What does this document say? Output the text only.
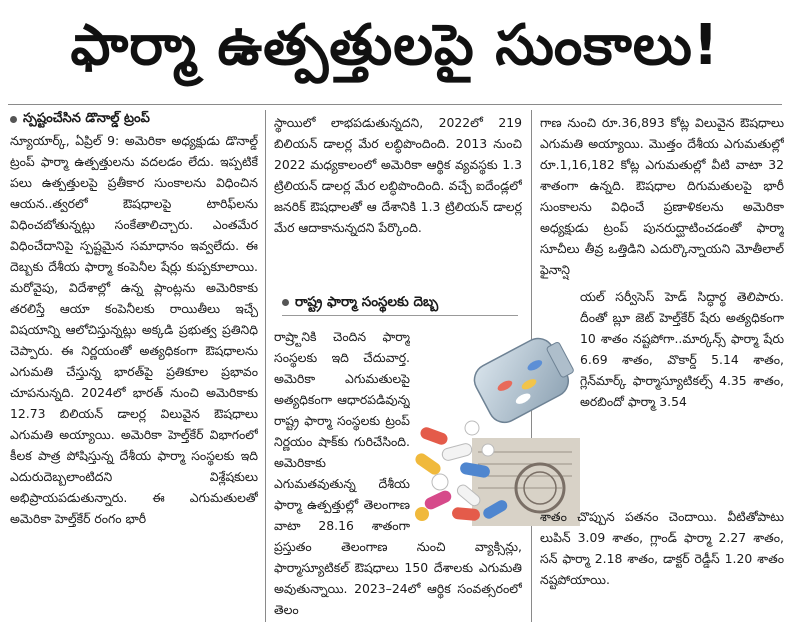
ఫార్మా ఉత్పత్తులపై సుంకాలు!
స్పష్టంచేసిన డొనాల్డ్ ట్రంప్

న్యూయార్క్, ఏప్రిల్ 9: అమెరికా అధ్యక్షుడు డొనాల్డ్ ట్రంప్ ఫార్మా ఉత్పత్తులను వదలడం లేదు. ఇప్పటికే పలు ఉత్పత్తులపై ప్రతీకార సుంకాలను విధించిన ఆయన..త్వరలో ఔషధాలపై టారిఫ్‌లను విధించబోతున్నట్లు సంకేతాలిచ్చారు. ఎంతమేర విధించేదానిపై స్పష్టమైన సమాధానం ఇవ్వలేదు. ఈ దెబ్బకు దేశీయ ఫార్మా కంపెనీల షేర్లు కుప్పకూలాయి. మరోవైపు, విదేశాల్లో ఉన్న ప్లాంట్లను అమెరికాకు తరలిస్తే ఆయా కంపెనీలకు రాయితీలు ఇచ్చే విషయాన్ని ఆలోచిస్తున్నట్లు అక్కడి ప్రభుత్వ ప్రతినిధి చెప్పారు. ఈ నిర్ణయంతో అత్యధికంగా ఔషధాలను ఎగుమతి చేస్తున్న భారత్‌పై ప్రతికూల ప్రభావం చూపనున్నది. 2024లో భారత్ నుంచి అమెరికాకు 12.73 బిలియన్ డాలర్ల విలువైన ఔషధాలు ఎగుమతి అయ్యాయి. అమెరికా హెల్త్‌కేర్ విభాగంలో కీలక పాత్ర పోషిస్తున్న దేశీయ ఫార్మా సంస్థలకు ఇది ఎదురుదెబ్బలాంటిదని విశ్లేషకులు అభిప్రాయపడుతున్నారు. ఈ ఎగుమతులతో అమెరికా హెల్త్‌కేర్ రంగం భారీ

స్థాయిలో లాభపడుతున్నదని, 2022లో 219 బిలియన్ డాలర్ల మేర లబ్ధిపొందింది. 2013 నుంచి 2022 మధ్యకాలంలో అమెరికా ఆర్థిక వ్యవస్థకు 1.3 ట్రిలియన్ డాలర్ల మేర లబ్ధిపొందింది. వచ్చే ఐదేండ్లలో జనరిక్ ఔషధాలతో ఆ దేశానికి 1.3 ట్రిలియన్ డాలర్ల మేర ఆదాకానున్నదని పేర్కొంది.

రాష్ట్ర ఫార్మా సంస్థలకు దెబ్బ

రాష్ర్టానికి చెందిన ఫార్మా సంస్థలకు ఇది చేదువార్త. అమెరికా ఎగుమతులపై అత్యధికంగా ఆధారపడివున్న రాష్ట్ర ఫార్మా సంస్థలకు ట్రంప్ నిర్ణయం షాక్‌కు గురిచేసింది. అమెరికాకు ఎగుమతవుతున్న దేశీయ ఫార్మా ఉత్పత్తుల్లో తెలంగాణ వాటా 28.16 శాతంగా

ప్రస్తుతం తెలంగాణ నుంచి వ్యాక్సిన్లు, ఫార్మాస్యూటికల్ ఔషధాలు 150 దేశాలకు ఎగుమతి అవుతున్నాయి. 2023–24లో ఆర్థిక సంవత్సరంలో తెలం

గాణ నుంచి రూ.36,893 కోట్ల విలువైన ఔషధాలు ఎగుమతి అయ్యాయి. మొత్తం దేశీయ ఎగుమతుల్లో రూ.1,16,182 కోట్ల ఎగుమతుల్లో వీటి వాటా 32 శాతంగా ఉన్నది. ఔషధాల దిగుమతులపై భారీ సుంకాలను విధించే ప్రణాళికలను అమెరికా అధ్యక్షుడు ట్రంప్ పునరుద్ఘాటించడంతో ఫార్మా సూచీలు తీవ్ర ఒత్తిడిని ఎదుర్కొన్నాయని మోతీలాల్ ఫైనాన్షి

యల్ సర్వీసెస్ హెడ్ సిద్ధార్థ తెలిపారు. దీంతో బ్లూ జెట్ హెల్త్‌కేర్ షేరు అత్యధికంగా 10 శాతం నష్టపోగా..మార్కన్స్ ఫార్మా షేరు 6.69 శాతం, వొకార్డ్ 5.14 శాతం, గ్లెన్‌మార్క్ ఫార్మాస్యూటికల్స్ 4.35 శాతం, అరబిందో ఫార్మా 3.54

శాతం చొప్పున పతనం చెందాయి. వీటితోపాటు లుపిన్ 3.09 శాతం, గ్లాండ్ ఫార్మా 2.27 శాతం, సన్ ఫార్మా 2.18 శాతం, డాక్టర్ రెడ్డీస్ 1.20 శాతం నష్టపోయాయి.
